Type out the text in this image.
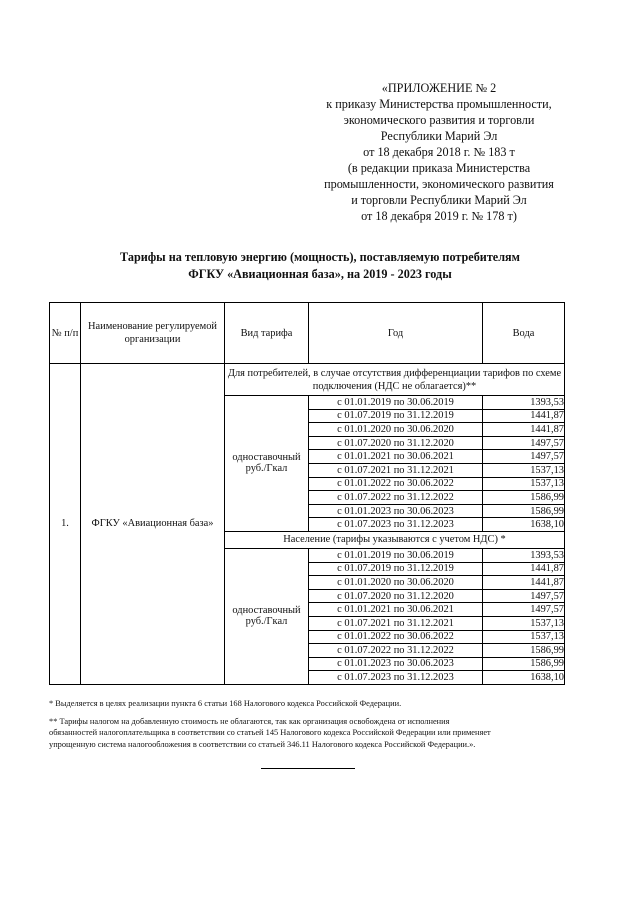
«ПРИЛОЖЕНИЕ № 2
к приказу Министерства промышленности,
экономического развития и торговли
Республики Марий Эл
от 18 декабря 2018 г. № 183 т
(в редакции приказа Министерства
промышленности, экономического развития
и торговли Республики Марий Эл
от 18 декабря 2019 г. № 178 т)
Тарифы на тепловую энергию (мощность), поставляемую потребителям
ФГКУ «Авиационная база», на 2019 - 2023 годы
№ п/п	Наименование регулируемой организации	Вид тарифа	Год	Вода
1.	ФГКУ «Авиационная база»	Для потребителей, в случае отсутствия дифференциации тарифов по схеме подключения (НДС не облагается)**		
		одноставочный руб./Гкал	с 01.01.2019 по 30.06.2019	1393,53
			с 01.07.2019 по 31.12.2019	1441,87
			с 01.01.2020 по 30.06.2020	1441,87
			с 01.07.2020 по 31.12.2020	1497,57
			с 01.01.2021 по 30.06.2021	1497,57
			с 01.07.2021 по 31.12.2021	1537,13
			с 01.01.2022 по 30.06.2022	1537,13
			с 01.07.2022 по 31.12.2022	1586,99
			с 01.01.2023 по 30.06.2023	1586,99
			с 01.07.2023 по 31.12.2023	1638,10
		Население (тарифы указываются с учетом НДС) *		
		одноставочный руб./Гкал	с 01.01.2019 по 30.06.2019	1393,53
			с 01.07.2019 по 31.12.2019	1441,87
			с 01.01.2020 по 30.06.2020	1441,87
			с 01.07.2020 по 31.12.2020	1497,57
			с 01.01.2021 по 30.06.2021	1497,57
			с 01.07.2021 по 31.12.2021	1537,13
			с 01.01.2022 по 30.06.2022	1537,13
			с 01.07.2022 по 31.12.2022	1586,99
			с 01.01.2023 по 30.06.2023	1586,99
			с 01.07.2023 по 31.12.2023	1638,10
* Выделяется в целях реализации пункта 6 статьи 168 Налогового кодекса Российской Федерации.
** Тарифы налогом на добавленную стоимость не облагаются, так как организация освобождена от исполнения
обязанностей налогоплательщика в соответствии со статьей 145 Налогового кодекса Российской Федерации или применяет
упрощенную система налогообложения в соответствии со статьей 346.11 Налогового кодекса Российской Федерации.».
